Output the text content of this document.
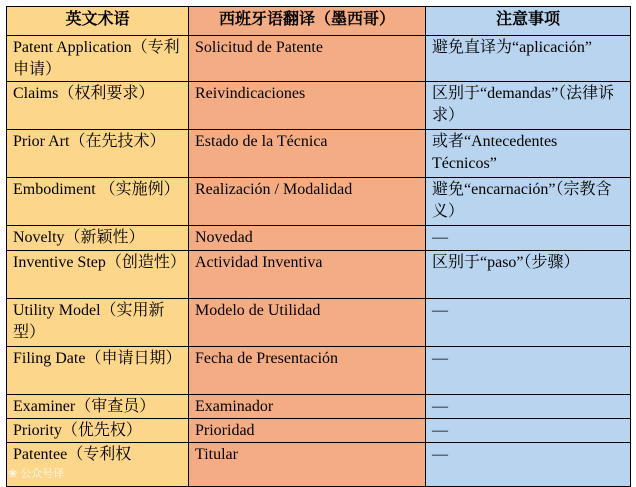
英文术语	西班牙语翻译（墨西哥）	注意事项
Patent Application（专利申请）	Solicitud de Patente	避免直译为“aplicación”
Claims（权利要求）	Reivindicaciones	区别于“demandas”（法律诉求）
Prior Art（在先技术）	Estado de la Técnica	或者“Antecedentes Técnicos”
Embodiment （实施例）	Realización / Modalidad	避免“encarnación”（宗教含义）
Novelty（新颖性）	Novedad	—
Inventive Step（创造性）	Actividad Inventiva	区别于“paso”（步骤）
Utility Model（实用新型）	Modelo de Utilidad	—
Filing Date（申请日期）	Fecha de Presentación	—
Examiner（审查员）	Examinador	—
Priority（优先权）	Prioridad	—
Patentee（专利权	Titular	—
❀ 公众号译
